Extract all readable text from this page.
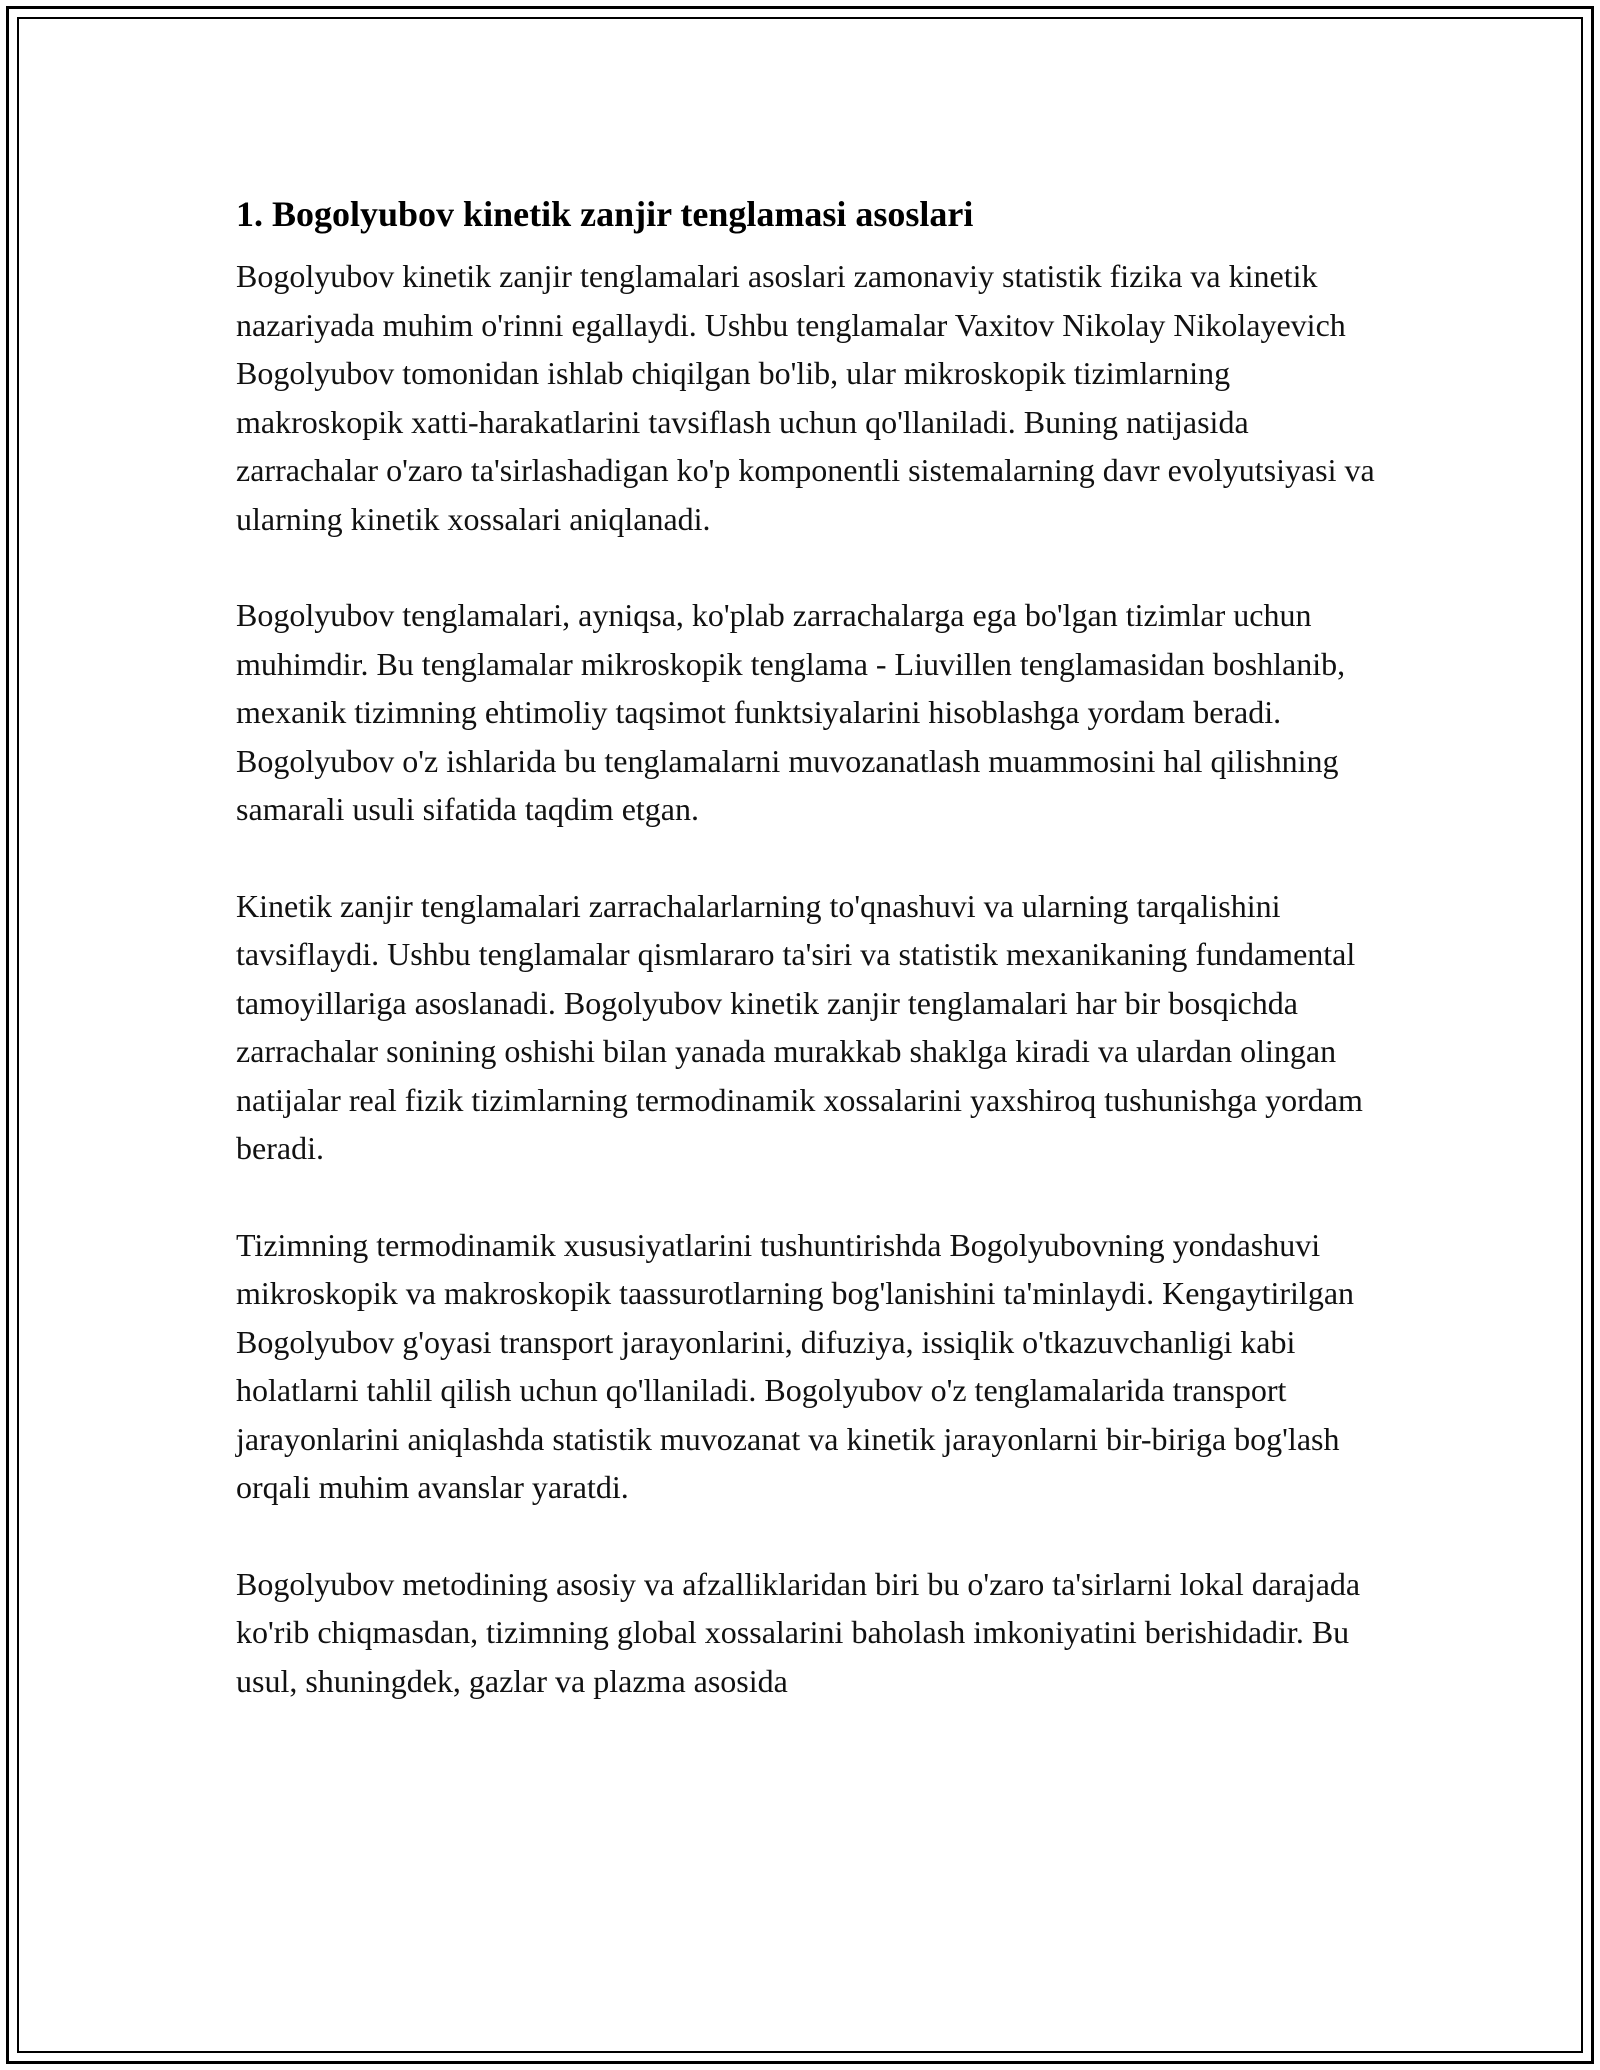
1. Bogolyubov kinetik zanjir tenglamasi asoslari

Bogolyubov kinetik zanjir tenglamalari asoslari zamonaviy statistik fizika va kinetik nazariyada muhim o'rinni egallaydi. Ushbu tenglamalar Vaxitov Nikolay Nikolayevich Bogolyubov tomonidan ishlab chiqilgan bo'lib, ular mikroskopik tizimlarning makroskopik xatti-harakatlarini tavsiflash uchun qo'llaniladi. Buning natijasida zarrachalar o'zaro ta'sirlashadigan ko'p komponentli sistemalarning davr evolyutsiyasi va ularning kinetik xossalari aniqlanadi.

Bogolyubov tenglamalari, ayniqsa, ko'plab zarrachalarga ega bo'lgan tizimlar uchun muhimdir. Bu tenglamalar mikroskopik tenglama - Liuvillen tenglamasidan boshlanib, mexanik tizimning ehtimoliy taqsimot funktsiyalarini hisoblashga yordam beradi. Bogolyubov o'z ishlarida bu tenglamalarni muvozanatlash muammosini hal qilishning samarali usuli sifatida taqdim etgan.

Kinetik zanjir tenglamalari zarrachalarlarning to'qnashuvi va ularning tarqalishini tavsiflaydi. Ushbu tenglamalar qismlararo ta'siri va statistik mexanikaning fundamental tamoyillariga asoslanadi. Bogolyubov kinetik zanjir tenglamalari har bir bosqichda zarrachalar sonining oshishi bilan yanada murakkab shaklga kiradi va ulardan olingan natijalar real fizik tizimlarning termodinamik xossalarini yaxshiroq tushunishga yordam beradi.

Tizimning termodinamik xususiyatlarini tushuntirishda Bogolyubovning yondashuvi mikroskopik va makroskopik taassurotlarning bog'lanishini ta'minlaydi. Kengaytirilgan Bogolyubov g'oyasi transport jarayonlarini, difuziya, issiqlik o'tkazuvchanligi kabi holatlarni tahlil qilish uchun qo'llaniladi. Bogolyubov o'z tenglamalarida transport jarayonlarini aniqlashda statistik muvozanat va kinetik jarayonlarni bir-biriga bog'lash orqali muhim avanslar yaratdi.

Bogolyubov metodining asosiy va afzalliklaridan biri bu o'zaro ta'sirlarni lokal darajada ko'rib chiqmasdan, tizimning global xossalarini baholash imkoniyatini berishidadir. Bu usul, shuningdek, gazlar va plazma asosida
